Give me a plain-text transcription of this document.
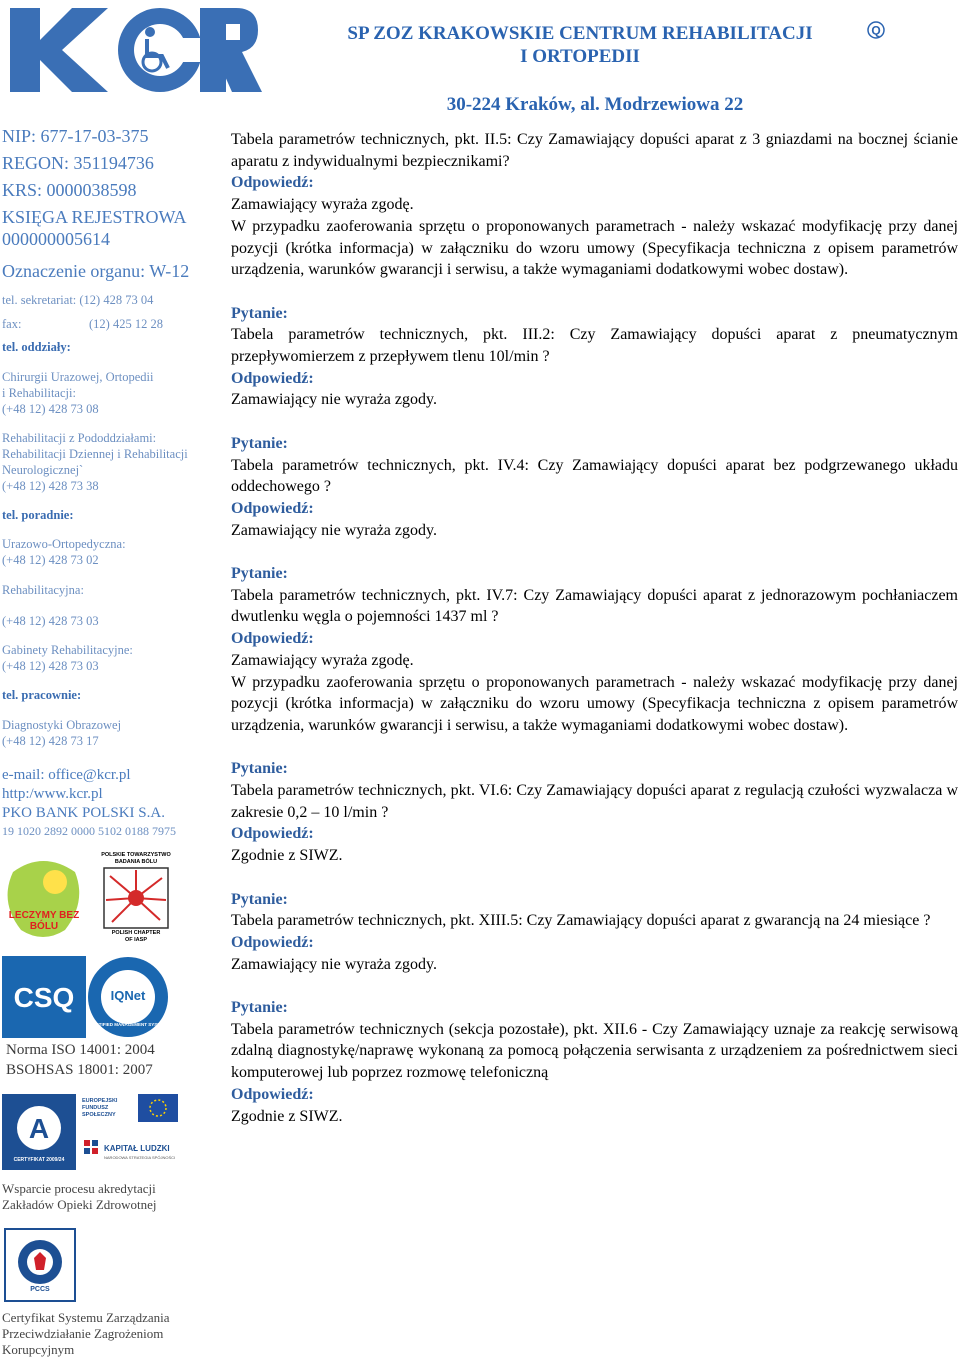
KCR
SP ZOZ KRAKOWSKIE CENTRUM REHABILITACJI
I ORTOPEDII
Q
30-224 Kraków, al. Modrzewiowa 22
NIP: 677-17-03-375
REGON: 351194736
KRS: 0000038598
KSIĘGA REJESTROWA
000000005614
Oznaczenie organu: W-12
tel. sekretariat: (12) 428 73 04
fax:	(12) 425 12 28
tel. oddziały:
Chirurgii Urazowej, Ortopedii
i Rehabilitacji:
(+48 12) 428 73 08
Rehabilitacji z Pododdziałami:
Rehabilitacji Dziennej i Rehabilitacji
Neurologicznej`
(+48 12) 428 73 38
tel. poradnie:
Urazowo-Ortopedyczna:
(+48 12) 428 73 02
Rehabilitacyjna:
(+48 12) 428 73 03
Gabinety Rehabilitacyjne:
(+48 12) 428 73 03
tel. pracownie:
Diagnostyki Obrazowej
(+48 12) 428 73 17
e-mail: office@kcr.pl
http:/www.kcr.pl
PKO BANK POLSKI S.A.
19 1020 2892 0000 5102 0188 7975
LECZYMY BEZ BÓLU
POLSKIE TOWARZYSTWO
BADANIA BÓLU
POLISH CHAPTER
OF IASP
CSQ	IQNet
CERTIFIED MANAGEMENT SYSTEM
Norma ISO 14001: 2004
BSOHSAS 18001: 2007
A
CERTYFIKAT 2009/24
EUROPEJSKI FUNDUSZ SPOŁECZNY
KAPITAŁ LUDZKI
NARODOWA STRATEGIA SPÓJNOŚCI
Wsparcie procesu akredytacji
Zakładów Opieki Zdrowotnej
PCCS
Certyfikat Systemu Zarządzania
Przeciwdziałanie Zagrożeniom
Korupcyjnym

Tabela parametrów technicznych, pkt. II.5: Czy Zamawiający dopuści aparat z 3 gniazdami na bocznej ścianie aparatu z indywidualnymi bezpiecznikami?

Odpowiedź:

Zamawiający wyraża zgodę.

W przypadku zaoferowania sprzętu o proponowanych parametrach - należy wskazać modyfikację przy danej pozycji (krótka informacja) w załączniku do wzoru umowy (Specyfikacja techniczna z opisem parametrów urządzenia, warunków gwarancji i serwisu, a także wymaganiami dodatkowymi wobec dostaw).

Pytanie:

Tabela parametrów technicznych, pkt. III.2: Czy Zamawiający dopuści aparat z pneumatycznym przepływomierzem z przepływem tlenu 10l/min ?

Odpowiedź:

Zamawiający nie wyraża zgody.

Pytanie:

Tabela parametrów technicznych, pkt. IV.4: Czy Zamawiający dopuści aparat bez podgrzewanego układu oddechowego ?

Odpowiedź:

Zamawiający nie wyraża zgody.

Pytanie:

Tabela parametrów technicznych, pkt. IV.7: Czy Zamawiający dopuści aparat z jednorazowym pochłaniaczem dwutlenku węgla o pojemności 1437 ml ?

Odpowiedź:

Zamawiający wyraża zgodę.

W przypadku zaoferowania sprzętu o proponowanych parametrach - należy wskazać modyfikację przy danej pozycji (krótka informacja) w załączniku do wzoru umowy (Specyfikacja techniczna z opisem parametrów urządzenia, warunków gwarancji i serwisu, a także wymaganiami dodatkowymi wobec dostaw).

Pytanie:

Tabela parametrów technicznych, pkt. VI.6: Czy Zamawiający dopuści aparat z regulacją czułości wyzwalacza w zakresie 0,2 – 10 l/min ?

Odpowiedź:

Zgodnie z SIWZ.

Pytanie:

Tabela parametrów technicznych, pkt. XIII.5: Czy Zamawiający dopuści aparat z gwarancją na 24 miesiące ?

Odpowiedź:

Zamawiający nie wyraża zgody.

Pytanie:

Tabela parametrów technicznych (sekcja pozostałe), pkt. XII.6 - Czy Zamawiający uznaje za reakcję serwisową zdalną diagnostykę/naprawę wykonaną za pomocą połączenia serwisanta z urządzeniem za pośrednictwem sieci komputerowej lub poprzez rozmowę telefoniczną

Odpowiedź:

Zgodnie z SIWZ.
